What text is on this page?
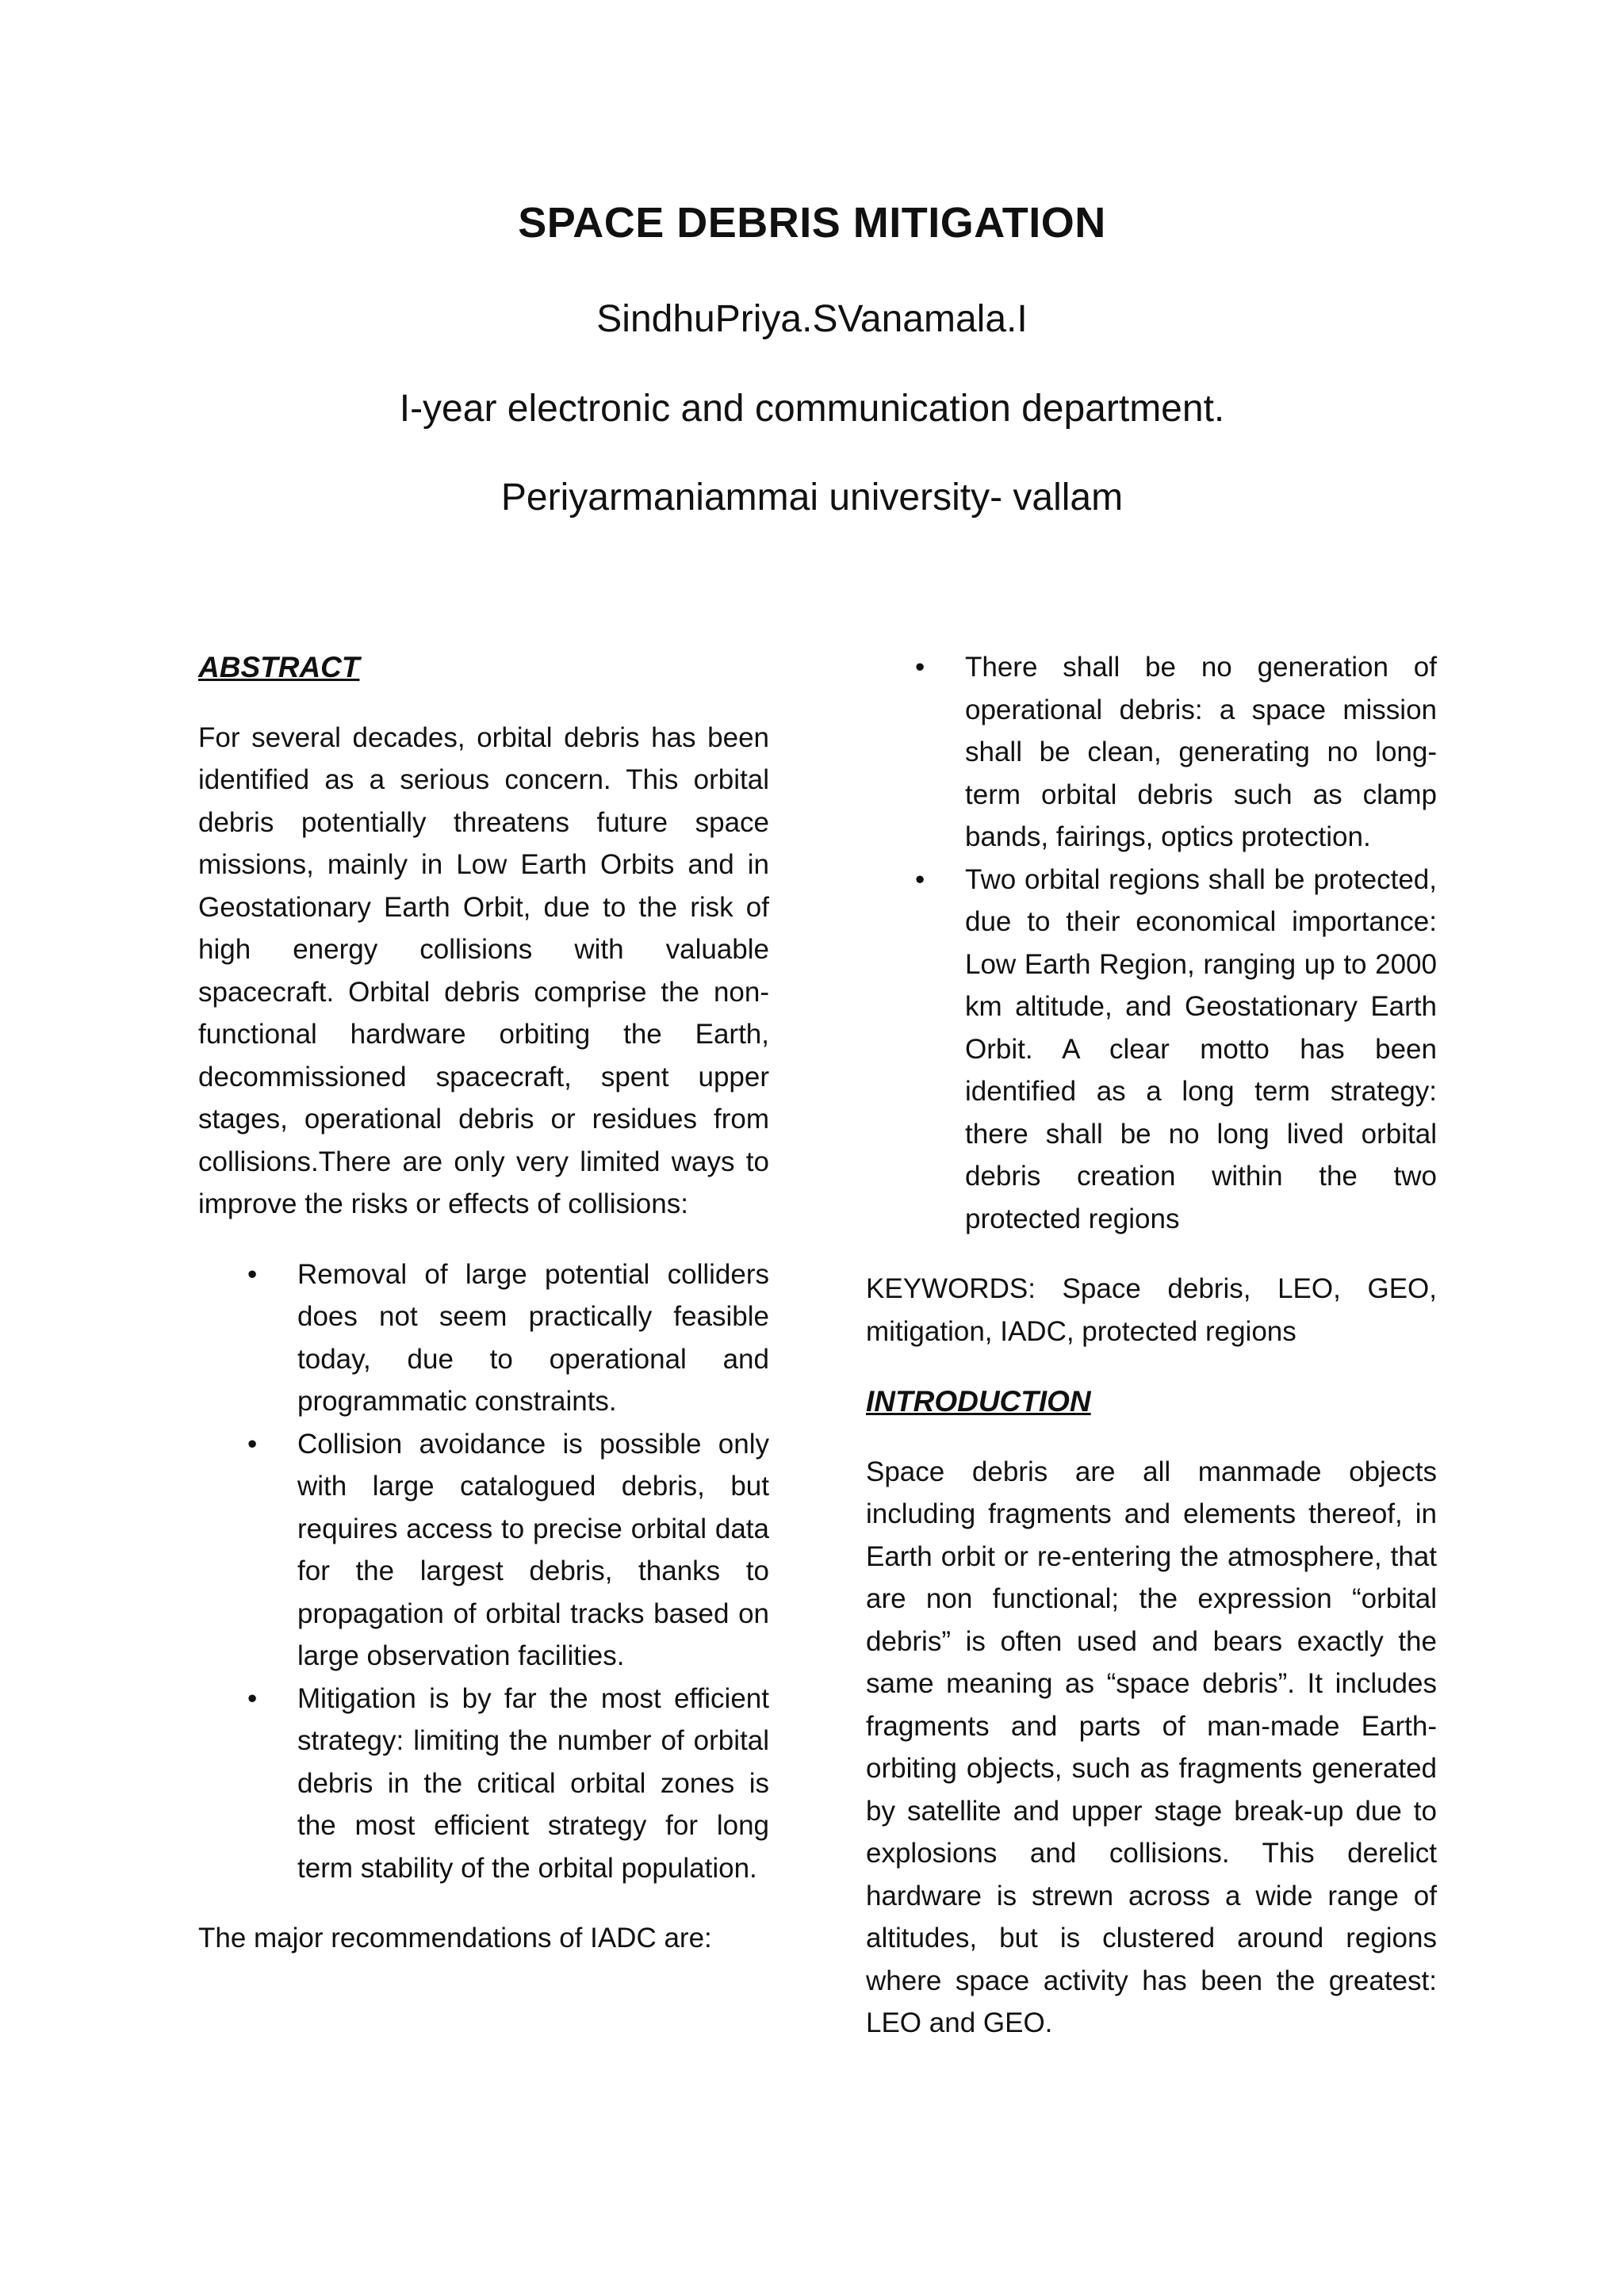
SPACE DEBRIS MITIGATION
SindhuPriya.SVanamala.I
I-year electronic and communication department.
Periyarmaniammai university- vallam
ABSTRACT
For several decades, orbital debris has been identified as a serious concern. This orbital debris potentially threatens future space missions, mainly in Low Earth Orbits and in Geostationary Earth Orbit, due to the risk of high energy collisions with valuable spacecraft. Orbital debris comprise the non-functional hardware orbiting the Earth, decommissioned spacecraft, spent upper stages, operational debris or residues from collisions.There are only very limited ways to improve the risks or effects of collisions:
• Removal of large potential colliders does not seem practically feasible today, due to operational and programmatic constraints.
• Collision avoidance is possible only with large catalogued debris, but requires access to precise orbital data for the largest debris, thanks to propagation of orbital tracks based on large observation facilities.
• Mitigation is by far the most efficient strategy: limiting the number of orbital debris in the critical orbital zones is the most efficient strategy for long term stability of the orbital population.
The major recommendations of IADC are:
• There shall be no generation of operational debris: a space mission shall be clean, generating no long-term orbital debris such as clamp bands, fairings, optics protection.
• Two orbital regions shall be protected, due to their economical importance: Low Earth Region, ranging up to 2000 km altitude, and Geostationary Earth Orbit. A clear motto has been identified as a long term strategy: there shall be no long lived orbital debris creation within the two protected regions
KEYWORDS: Space debris, LEO, GEO, mitigation, IADC, protected regions
INTRODUCTION
Space debris are all manmade objects including fragments and elements thereof, in Earth orbit or re-entering the atmosphere, that are non functional; the expression “orbital debris” is often used and bears exactly the same meaning as “space debris”. It includes fragments and parts of man-made Earth-orbiting objects, such as fragments generated by satellite and upper stage break-up due to explosions and collisions. This derelict hardware is strewn across a wide range of altitudes, but is clustered around regions where space activity has been the greatest: LEO and GEO.
